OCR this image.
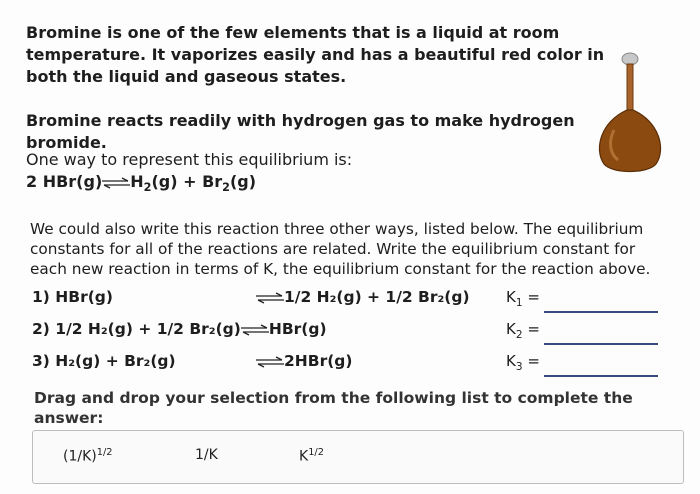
Bromine is one of the few elements that is a liquid at room
temperature. It vaporizes easily and has a beautiful red color in
both the liquid and gaseous states.
Bromine reacts readily with hydrogen gas to make hydrogen
bromide.
One way to represent this equilibrium is:
2 $HBr(g)\rightleftharpoons H_2(g) + Br_2(g)$
We could also write this reaction three other ways, listed below. The equilibrium
constants for all of the reactions are related. Write the equilibrium constant for
each new reaction in terms of K, the equilibrium constant for the reaction above.
1) HBr(g)	⇌1/2 H₂(g) + 1/2 Br₂(g) $K_1$ =
2) 1/2 H₂(g) + 1/2 Br₂(g)⇌HBr(g)	$K_2$ =
3) H₂(g) + Br₂(g)	⇌2HBr(g)	$K_3$ =
Drag and drop your selection from the following list to complete the
answer:
$(1/K)^{1/2}$	1/K	$K^{1/2}$
